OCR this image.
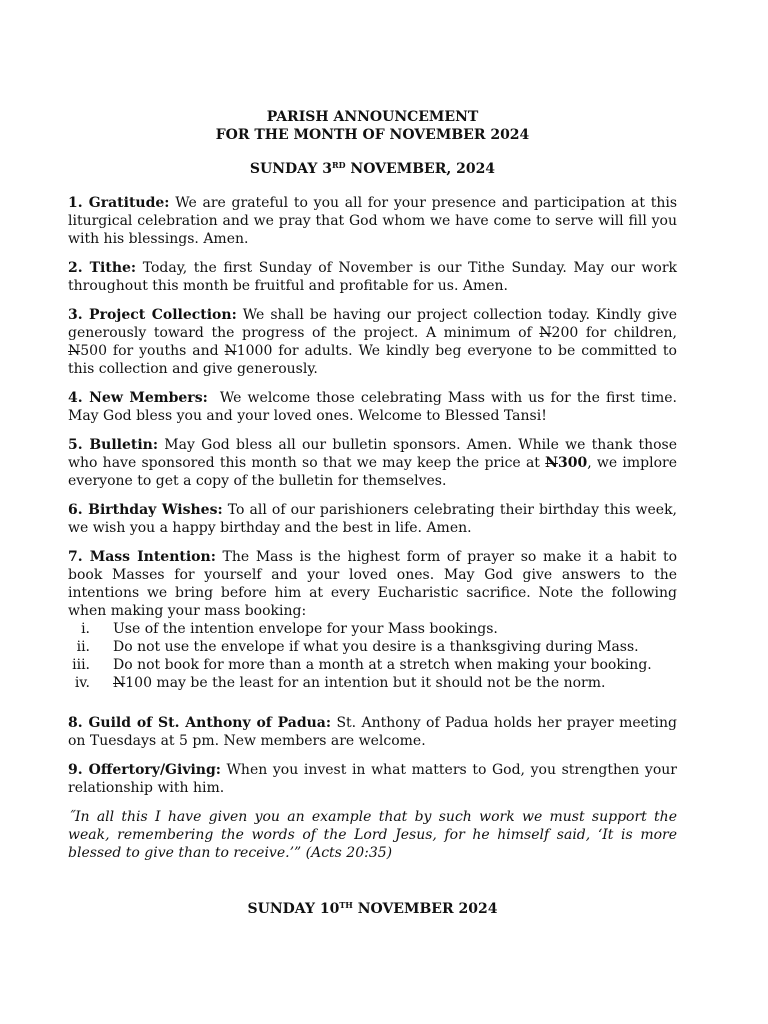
PARISH ANNOUNCEMENT
FOR THE MONTH OF NOVEMBER 2024
SUNDAY 3RD NOVEMBER, 2024

1. Gratitude: We are grateful to you all for your presence and participation at this liturgical celebration and we pray that God whom we have come to serve will fill you with his blessings. Amen.

2. Tithe: Today, the first Sunday of November is our Tithe Sunday. May our work throughout this month be fruitful and profitable for us. Amen.

3. Project Collection: We shall be having our project collection today. Kindly give generously toward the progress of the project. A minimum of N200 for children, N500 for youths and N1000 for adults. We kindly beg everyone to be committed to this collection and give generously.

4. New Members:  We welcome those celebrating Mass with us for the first time. May God bless you and your loved ones. Welcome to Blessed Tansi!

5. Bulletin: May God bless all our bulletin sponsors. Amen. While we thank those who have sponsored this month so that we may keep the price at N300, we implore everyone to get a copy of the bulletin for themselves.

6. Birthday Wishes: To all of our parishioners celebrating their birthday this week, we wish you a happy birthday and the best in life. Amen.

7. Mass Intention: The Mass is the highest form of prayer so make it a habit to book Masses for yourself and your loved ones. May God give answers to the intentions we bring before him at every Eucharistic sacrifice. Note the following when making your mass booking:

i. Use of the intention envelope for your Mass bookings.
ii. Do not use the envelope if what you desire is a thanksgiving during Mass.
iii. Do not book for more than a month at a stretch when making your booking.
iv. N100 may be the least for an intention but it should not be the norm.

8. Guild of St. Anthony of Padua: St. Anthony of Padua holds her prayer meeting on Tuesdays at 5 pm. New members are welcome.

9. Offertory/Giving: When you invest in what matters to God, you strengthen your relationship with him.

˝In all this I have given you an example that by such work we must support the weak, remembering the words of the Lord Jesus, for he himself said, ‘It is more blessed to give than to receive.’” (Acts 20:35)

SUNDAY 10TH NOVEMBER 2024
